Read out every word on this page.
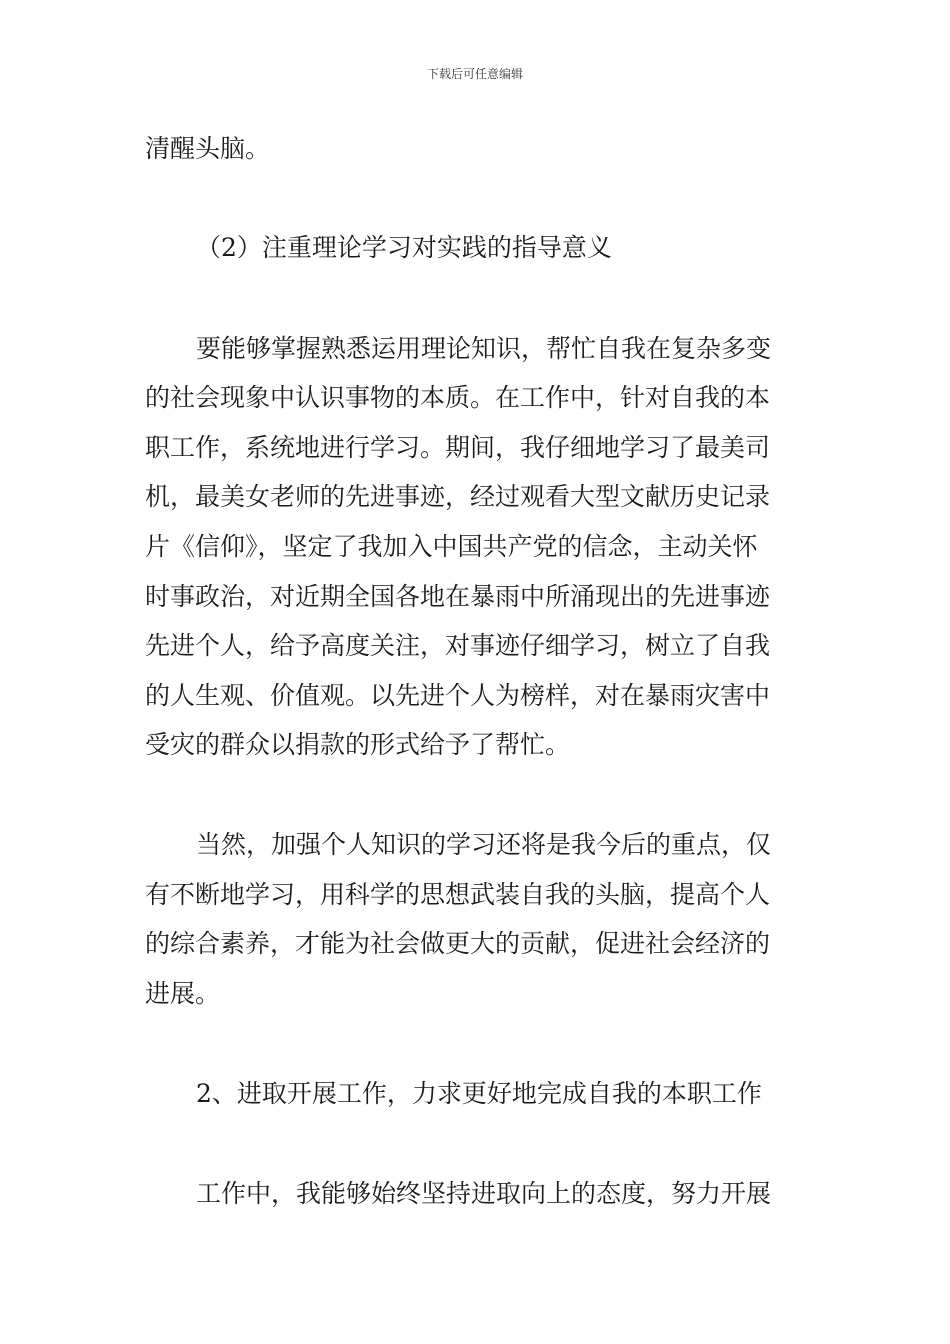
下载后可任意编辑
清醒头脑。
（2）注重理论学习对实践的指导意义
要能够掌握熟悉运用理论知识，帮忙自我在复杂多变
的社会现象中认识事物的本质。在工作中，针对自我的本
职工作，系统地进行学习。期间，我仔细地学习了最美司
机，最美女老师的先进事迹，经过观看大型文献历史记录
片《信仰》，坚定了我加入中国共产党的信念，主动关怀
时事政治，对近期全国各地在暴雨中所涌现出的先进事迹
先进个人，给予高度关注，对事迹仔细学习，树立了自我
的人生观、价值观。以先进个人为榜样，对在暴雨灾害中
受灾的群众以捐款的形式给予了帮忙。
当然，加强个人知识的学习还将是我今后的重点，仅
有不断地学习，用科学的思想武装自我的头脑，提高个人
的综合素养，才能为社会做更大的贡献，促进社会经济的
进展。
2、进取开展工作，力求更好地完成自我的本职工作
工作中，我能够始终坚持进取向上的态度，努力开展
